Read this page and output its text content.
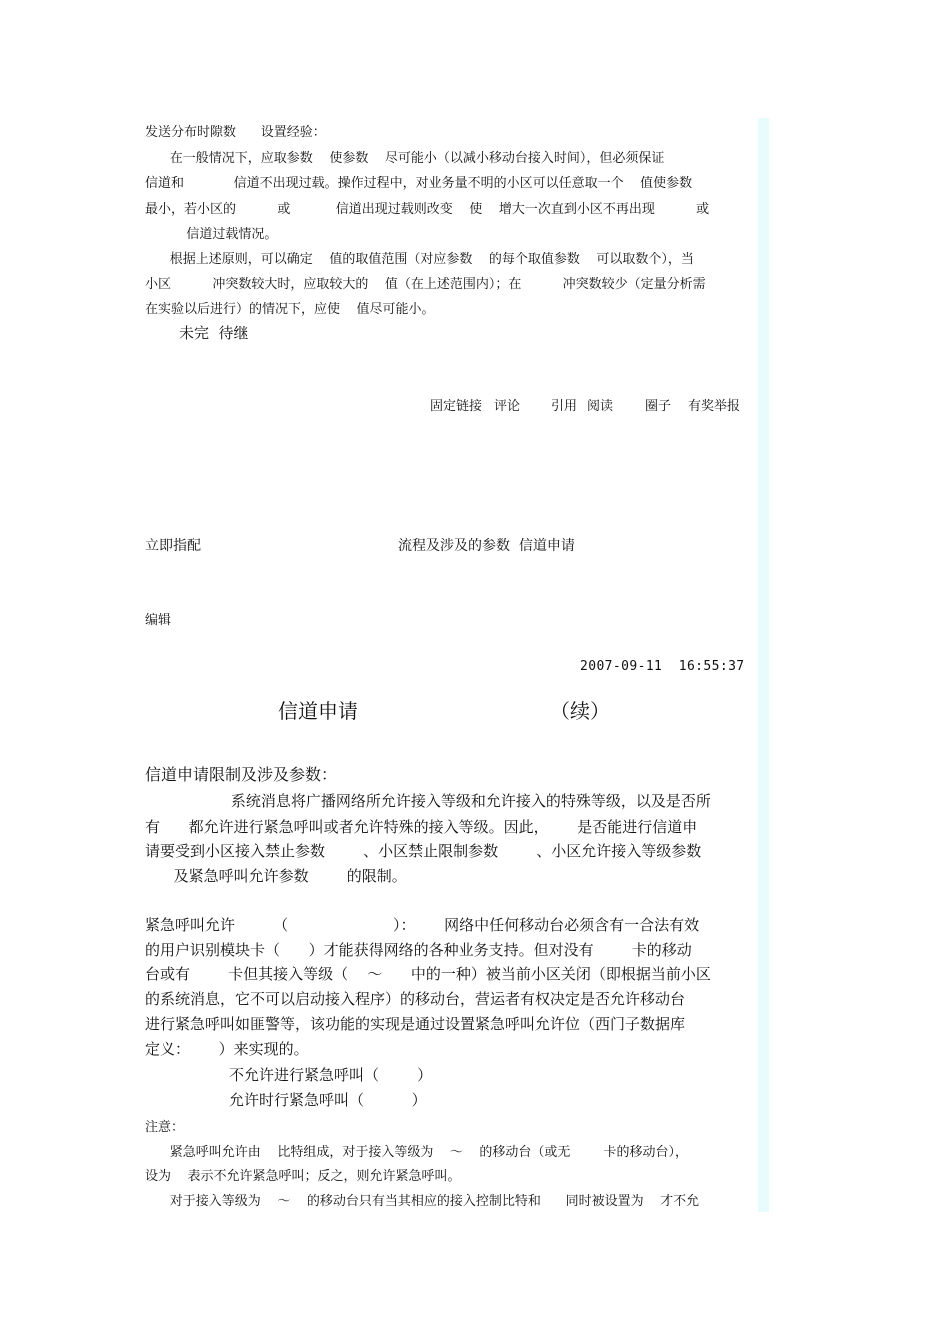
发送分布时隙数      设置经验：

在一般情况下，应取参数    使参数    尽可能小（以减小移动台接入时间），但必须保证

信道和            信道不出现过载。操作过程中，对业务量不明的小区可以任意取一个    值使参数

最小，若小区的          或           信道出现过载则改变    使    增大一次直到小区不再出现          或

信道过载情况。

根据上述原则，可以确定    值的取值范围（对应参数    的每个取值参数    可以取数个），当

小区          冲突数较大时，应取较大的    值（在上述范围内）；在          冲突数较少（定量分析需

在实验以后进行）的情况下，应使    值尽可能小。

未完  待继

固定链接 评论 引用 阅读 圈子 有奖举报
立即指配	流程及涉及的参数  信道申请
编辑

2007-09-11  16:55:37

信道申请	（续）
信道申请限制及涉及参数：

系统消息将广播网络所允许接入等级和允许接入的特殊等级，以及是否所

有      都允许进行紧急呼叫或者允许特殊的接入等级。因此，      是否能进行信道申

请要受到小区接入禁止参数        、小区禁止限制参数        、小区允许接入等级参数

及紧急呼叫允许参数        的限制。

紧急呼叫允许        （                      ）：      网络中任何移动台必须含有一合法有效

的用户识别模块卡（      ）才能获得网络的各种业务支持。但对没有        卡的移动

台或有        卡但其接入等级（    ～      中的一种）被当前小区关闭（即根据当前小区

的系统消息，它不可以启动接入程序）的移动台，营运者有权决定是否允许移动台

进行紧急呼叫如匪警等，该功能的实现是通过设置紧急呼叫允许位（西门子数据库

定义：      ）来实现的。

不允许进行紧急呼叫（        ）

允许时行紧急呼叫（          ）

注意：

紧急呼叫允许由    比特组成，对于接入等级为    ～    的移动台（或无        卡的移动台），

设为    表示不允许紧急呼叫；反之，则允许紧急呼叫。

对于接入等级为    ～    的移动台只有当其相应的接入控制比特和      同时被设置为    才不允
